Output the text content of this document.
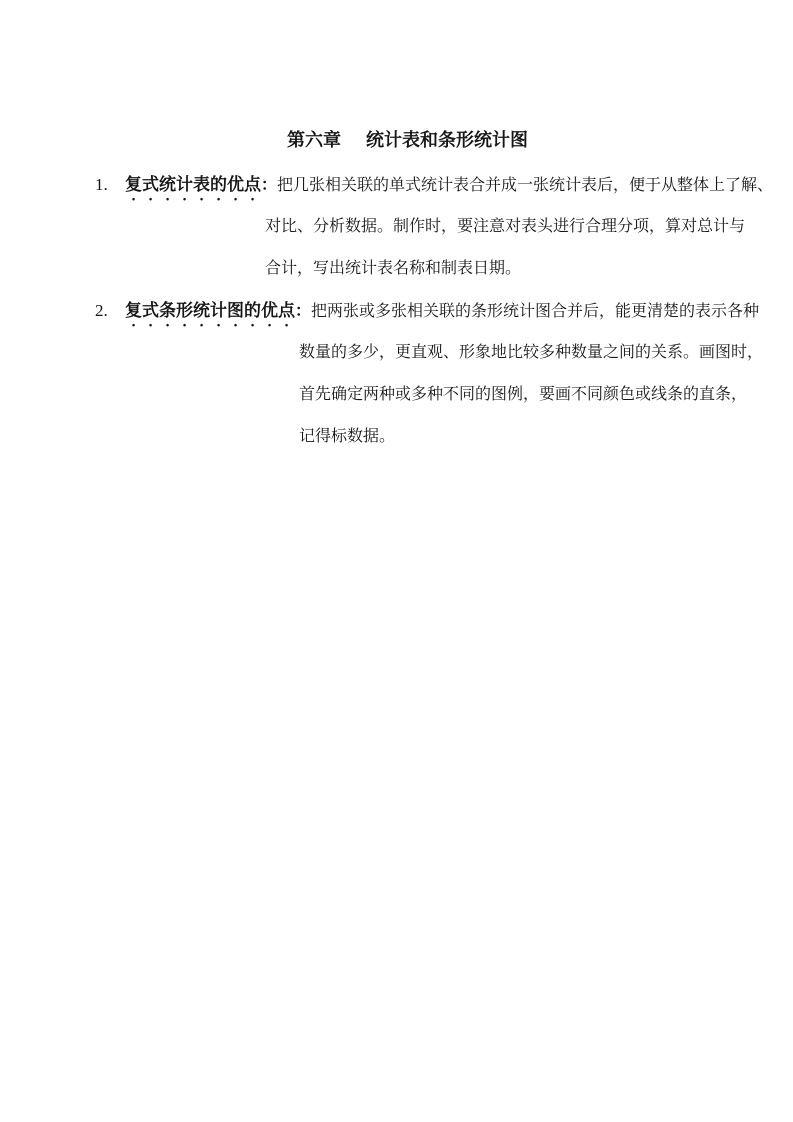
第六章 统计表和条形统计图
1. 复式统计表的优点：把几张相关联的单式统计表合并成一张统计表后，便于从整体上了解、
对比、分析数据。制作时，要注意对表头进行合理分项，算对总计与
合计，写出统计表名称和制表日期。
2. 复式条形统计图的优点：把两张或多张相关联的条形统计图合并后，能更清楚的表示各种
数量的多少，更直观、形象地比较多种数量之间的关系。画图时，
首先确定两种或多种不同的图例，要画不同颜色或线条的直条，
记得标数据。
